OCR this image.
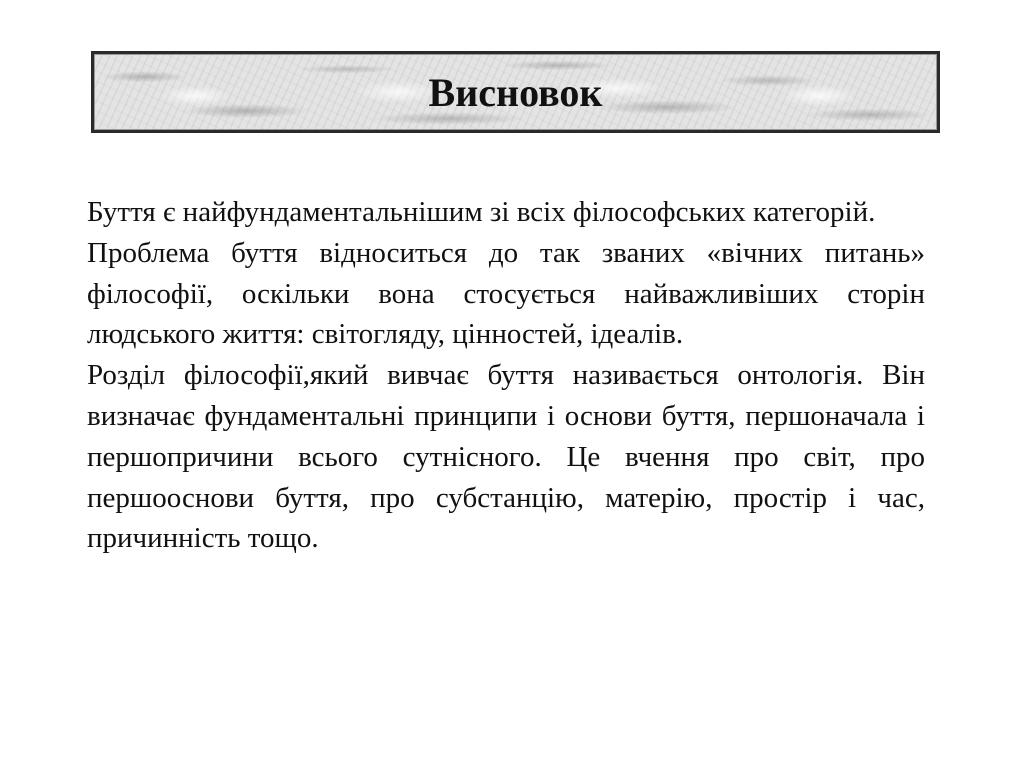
Висновок

Буття є найфундаментальнішим зі всіх філософських категорій.

Проблема буття відноситься до так званих «вічних питань» філософії, оскільки вона стосується найважливіших сторін людського життя: світогляду, цінностей, ідеалів.

Розділ філософії,який вивчає буття називається онтологія. Він визначає фундаментальні принципи і основи буття, першоначала і першопричини всього сутнісного. Це вчення про світ, про першооснови буття, про субстанцію, матерію, простір і час, причинність тощо.
